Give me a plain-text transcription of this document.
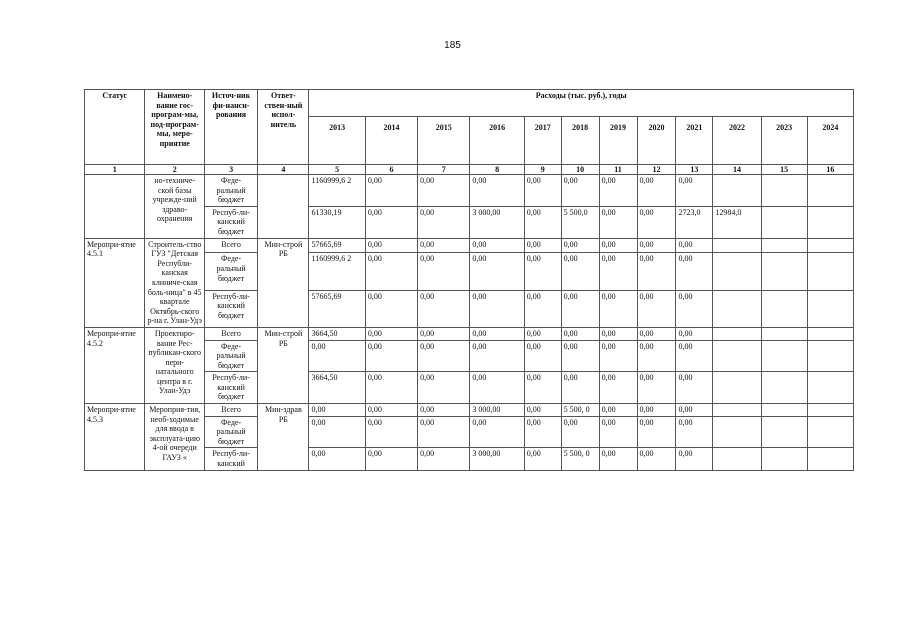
185
Статус	Наимено-вание гос-програм-мы, под-програм-мы, меро-приятие	Источ-ник фи-нанси-рования	Ответ-ствен-ный испол-нитель	Расходы (тыс. руб.), годы											
				2013	2014	2015	2016	2017	2018	2019	2020	2021	2022	2023	2024
1	2	3	4	5	6	7	8	9	10	11	12	13	14	15	16
	но-техниче-ской базы учрежде-ний здраво-охранения	Феде-ральный бюджет		1160999,6 2	0,00	0,00	0,00	0,00	0,00	0,00	0,00	0,00			
		Респуб-ли-канский бюджет		61330,19	0,00	0,00	3 000,00	0,00	5 500,0	0,00	0,00	2723,0	12984,0		
Меропри-ятие 4.5.1	Строитель-ство ГУЗ "Детская Республи-канская клиниче-ская боль-ница" в 45 квартале Октябрь-ского р-на г. Улан-Удэ	Всего	Мин-строй РБ	57665,69	0,00	0,00	0,00	0,00	0,00	0,00	0,00	0,00			
		Феде-ральный бюджет		1160999,6 2	0,00	0,00	0,00	0,00	0,00	0,00	0,00	0,00			
		Респуб-ли-канский бюджет		57665,69	0,00	0,00	0,00	0,00	0,00	0,00	0,00	0,00			
Меропри-ятие 4.5.2	Проектиро-вание Рес-публикан-ского пери-натального центра в г. Улан-Удэ	Всего	Мин-строй РБ	3664,50	0,00	0,00	0,00	0,00	0,00	0,00	0,00	0,00			
		Феде-ральный бюджет		0,00	0,00	0,00	0,00	0,00	0,00	0,00	0,00	0,00			
		Респуб-ли-канский бюджет		3664,50	0,00	0,00	0,00	0,00	0,00	0,00	0,00	0,00			
Меропри-ятие 4.5.3	Мероприя-тия, необ-ходимые для ввода в эксплуата-цию 4-ой очереди ГАУЗ «	Всего	Мин-здрав РБ	0,00	0,00	0,00	3 000,00	0,00	5 500, 0	0,00	0,00	0,00			
		Феде-ральный бюджет		0,00	0,00	0,00	0,00	0,00	0,00	0,00	0,00	0,00			
		Респуб-ли-канский		0,00	0,00	0,00	3 000,00	0,00	5 500, 0	0,00	0,00	0,00			
